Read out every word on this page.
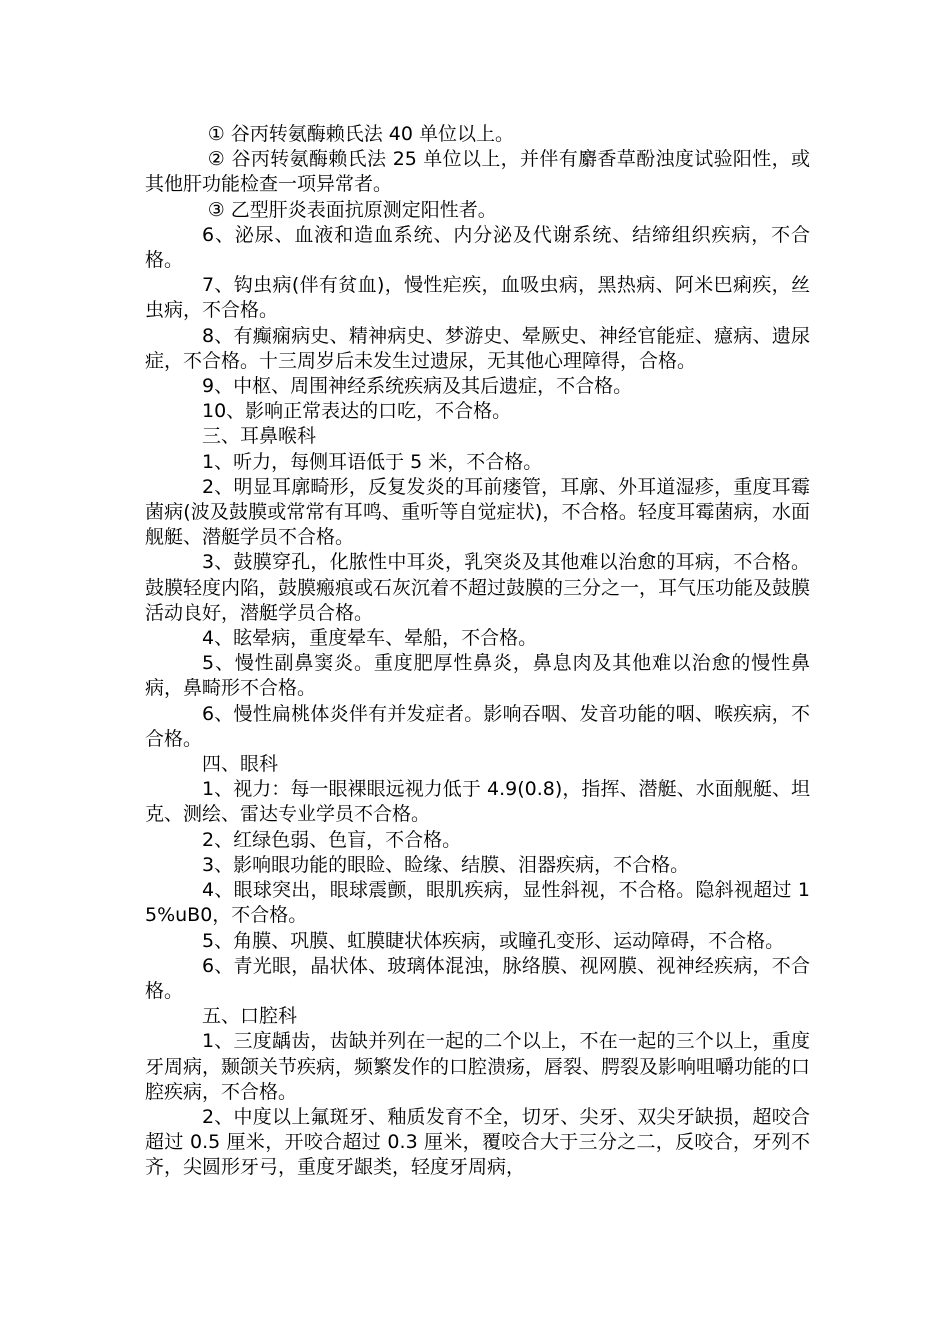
① 谷丙转氨酶赖氏法 40 单位以上。

② 谷丙转氨酶赖氏法 25 单位以上，并伴有麝香草酚浊度试验阳性，或其他肝功能检查一项异常者。

③ 乙型肝炎表面抗原测定阳性者。

6、泌尿、血液和造血系统、内分泌及代谢系统、结缔组织疾病，不合格。

7、钩虫病(伴有贫血)，慢性疟疾，血吸虫病，黑热病、阿米巴痢疾，丝虫病，不合格。

8、有癫痫病史、精神病史、梦游史、晕厥史、神经官能症、癔病、遗尿症，不合格。十三周岁后未发生过遗尿，无其他心理障得，合格。

9、中枢、周围神经系统疾病及其后遗症，不合格。

10、影响正常表达的口吃，不合格。

三、耳鼻喉科

1、听力，每侧耳语低于 5 米，不合格。

2、明显耳廓畸形，反复发炎的耳前瘘管，耳廓、外耳道湿疹，重度耳霉菌病(波及鼓膜或常常有耳鸣、重听等自觉症状)，不合格。轻度耳霉菌病，水面舰艇、潜艇学员不合格。

3、鼓膜穿孔，化脓性中耳炎，乳突炎及其他难以治愈的耳病，不合格。鼓膜轻度内陷，鼓膜瘢痕或石灰沉着不超过鼓膜的三分之一，耳气压功能及鼓膜活动良好，潜艇学员合格。

4、眩晕病，重度晕车、晕船，不合格。

5、慢性副鼻窦炎。重度肥厚性鼻炎，鼻息肉及其他难以治愈的慢性鼻病，鼻畸形不合格。

6、慢性扁桃体炎伴有并发症者。影响吞咽、发音功能的咽、喉疾病，不合格。

四、眼科

1、视力：每一眼裸眼远视力低于 4.9(0.8)，指挥、潜艇、水面舰艇、坦克、测绘、雷达专业学员不合格。

2、红绿色弱、色盲，不合格。

3、影响眼功能的眼睑、睑缘、结膜、泪器疾病，不合格。

4、眼球突出，眼球震颤，眼肌疾病，显性斜视，不合格。隐斜视超过 15%uB0，不合格。

5、角膜、巩膜、虹膜睫状体疾病，或瞳孔变形、运动障碍，不合格。

6、青光眼，晶状体、玻璃体混浊，脉络膜、视网膜、视神经疾病，不合格。

五、口腔科

1、三度龋齿，齿缺并列在一起的二个以上，不在一起的三个以上，重度牙周病，颞颌关节疾病，频繁发作的口腔溃疡，唇裂、腭裂及影响咀嚼功能的口腔疾病，不合格。

2、中度以上氟斑牙、釉质发育不全，切牙、尖牙、双尖牙缺损，超咬合超过 0.5 厘米，开咬合超过 0.3 厘米，覆咬合大于三分之二，反咬合，牙列不齐，尖圆形牙弓，重度牙龈类，轻度牙周病，
